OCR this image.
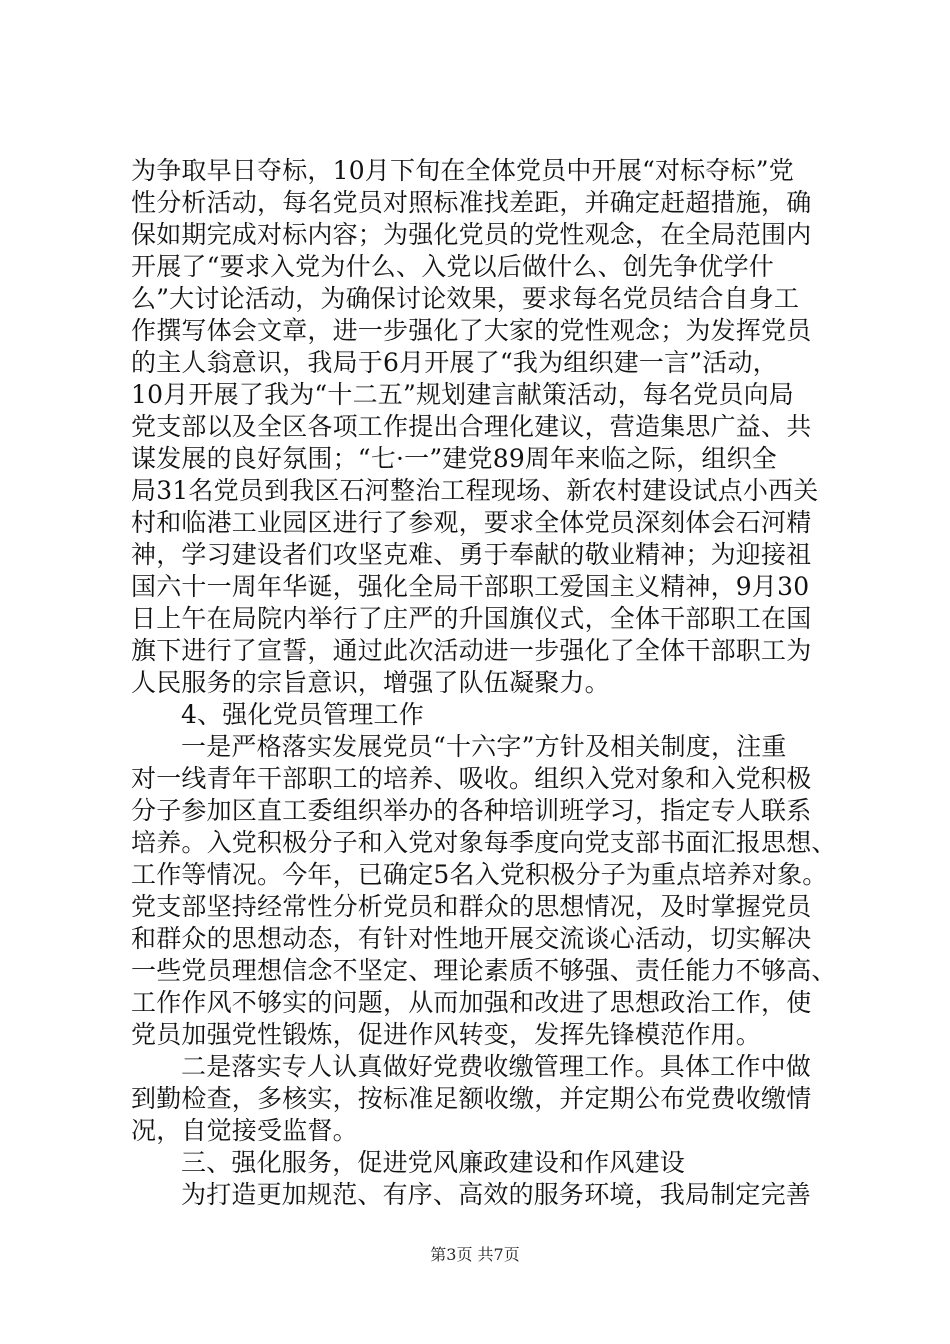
为争取早日夺标，10月下旬在全体党员中开展“对标夺标”党
性分析活动，每名党员对照标准找差距，并确定赶超措施，确
保如期完成对标内容；为强化党员的党性观念，在全局范围内
开展了“要求入党为什么、入党以后做什么、创先争优学什
么”大讨论活动，为确保讨论效果，要求每名党员结合自身工
作撰写体会文章，进一步强化了大家的党性观念；为发挥党员
的主人翁意识，我局于6月开展了“我为组织建一言”活动，
10月开展了我为“十二五”规划建言献策活动，每名党员向局
党支部以及全区各项工作提出合理化建议，营造集思广益、共
谋发展的良好氛围；“七·一”建党89周年来临之际，组织全
局31名党员到我区石河整治工程现场、新农村建设试点小西关
村和临港工业园区进行了参观，要求全体党员深刻体会石河精
神，学习建设者们攻坚克难、勇于奉献的敬业精神；为迎接祖
国六十一周年华诞，强化全局干部职工爱国主义精神，9月30
日上午在局院内举行了庄严的升国旗仪式，全体干部职工在国
旗下进行了宣誓，通过此次活动进一步强化了全体干部职工为
人民服务的宗旨意识，增强了队伍凝聚力。
4、强化党员管理工作
一是严格落实发展党员“十六字”方针及相关制度，注重
对一线青年干部职工的培养、吸收。组织入党对象和入党积极
分子参加区直工委组织举办的各种培训班学习，指定专人联系
培养。入党积极分子和入党对象每季度向党支部书面汇报思想、
工作等情况。今年，已确定5名入党积极分子为重点培养对象。
党支部坚持经常性分析党员和群众的思想情况，及时掌握党员
和群众的思想动态，有针对性地开展交流谈心活动，切实解决
一些党员理想信念不坚定、理论素质不够强、责任能力不够高、
工作作风不够实的问题，从而加强和改进了思想政治工作，使
党员加强党性锻炼，促进作风转变，发挥先锋模范作用。
二是落实专人认真做好党费收缴管理工作。具体工作中做
到勤检查，多核实，按标准足额收缴，并定期公布党费收缴情
况，自觉接受监督。
三、强化服务，促进党风廉政建设和作风建设
为打造更加规范、有序、高效的服务环境，我局制定完善
第3页 共7页
